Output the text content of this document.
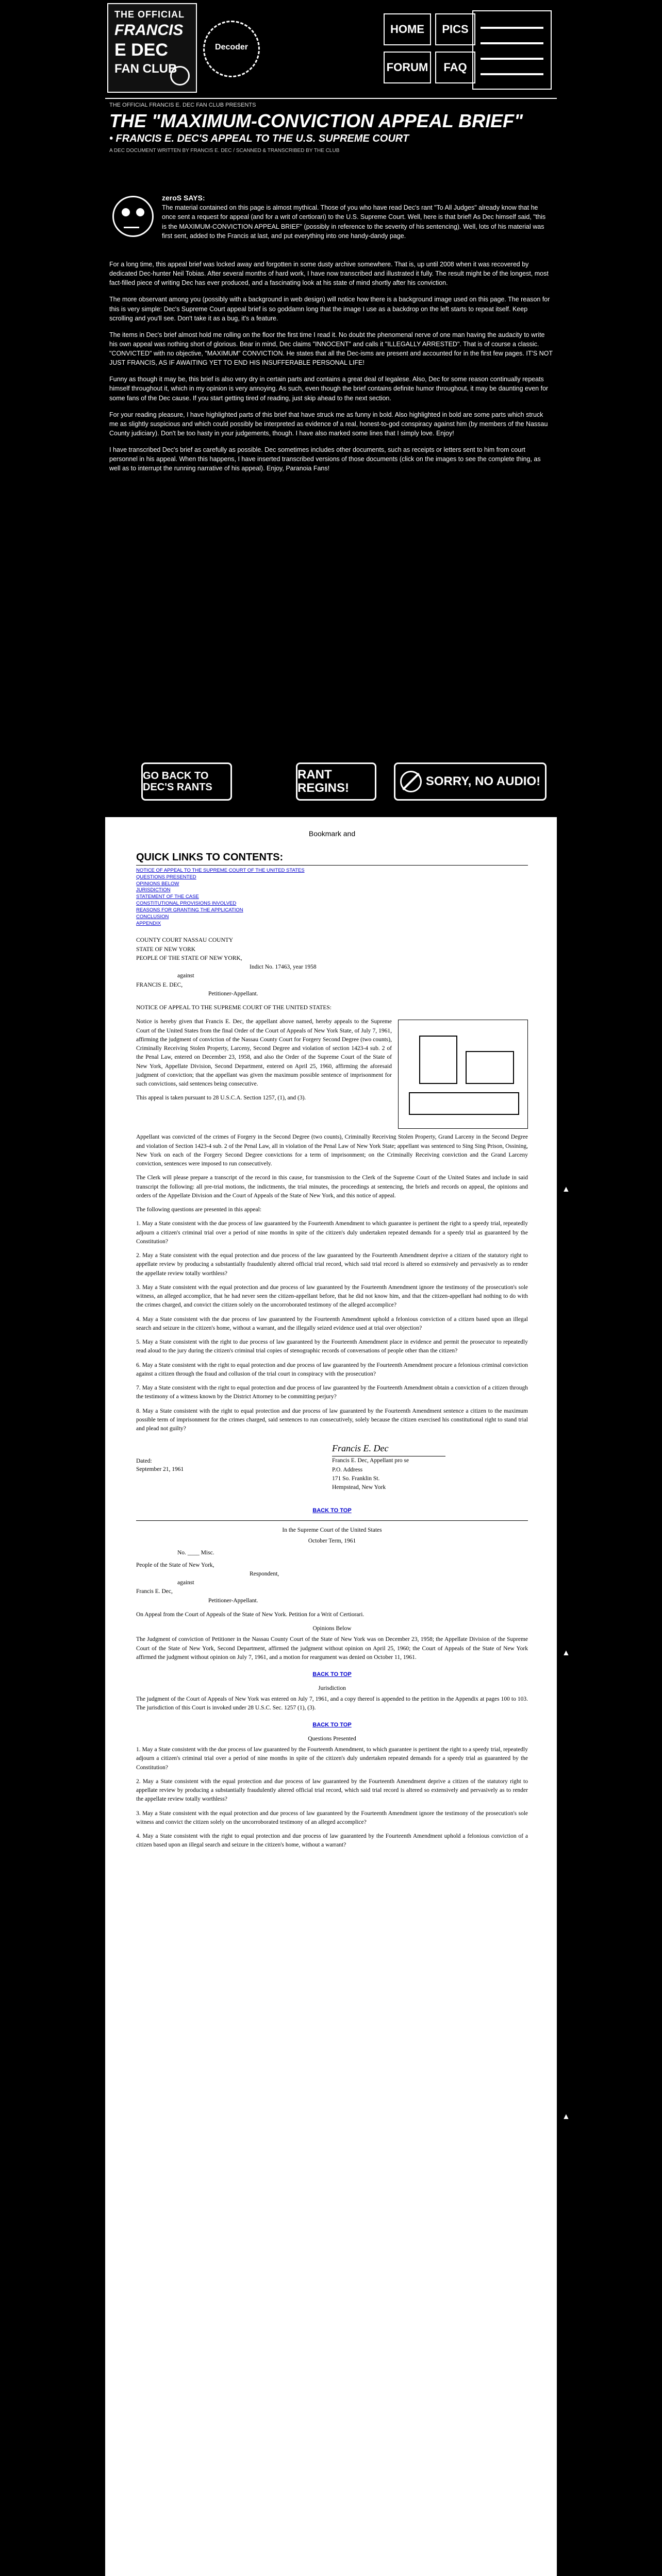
THE OFFICIAL
FRANCIS
E DEC
FAN CLUB
Decoder
HOME	PICS
FORUM	FAQ
THE OFFICIAL FRANCIS E. DEC FAN CLUB PRESENTS
THE "MAXIMUM-CONVICTION APPEAL BRIEF"
• FRANCIS E. DEC'S APPEAL TO THE U.S. SUPREME COURT
A DEC DOCUMENT WRITTEN BY FRANCIS E. DEC / SCANNED & TRANSCRIBED BY THE CLUB
zeroS SAYS:
The material contained on this page is almost mythical. Those of you who have read Dec's rant "To All Judges" already know that he once sent a request for appeal (and for a writ of certiorari) to the U.S. Supreme Court. Well, here is that brief! As Dec himself said, "this is the MAXIMUM-CONVICTION APPEAL BRIEF" (possibly in reference to the severity of his sentencing). Well, lots of his material was first sent, added to the Francis at last, and put everything into one handy-dandy page.

For a long time, this appeal brief was locked away and forgotten in some dusty archive somewhere. That is, up until 2008 when it was recovered by dedicated Dec-hunter Neil Tobias. After several months of hard work, I have now transcribed and illustrated it fully. The result might be of the longest, most fact-filled piece of writing Dec has ever produced, and a fascinating look at his state of mind shortly after his conviction.

The more observant among you (possibly with a background in web design) will notice how there is a background image used on this page. The reason for this is very simple: Dec's Supreme Court appeal brief is so goddamn long that the image I use as a backdrop on the left starts to repeat itself. Keep scrolling and you'll see. Don't take it as a bug, it's a feature.

The items in Dec's brief almost hold me rolling on the floor the first time I read it. No doubt the phenomenal nerve of one man having the audacity to write his own appeal was nothing short of glorious. Bear in mind, Dec claims "INNOCENT" and calls it "ILLEGALLY ARRESTED". That is of course a classic. "CONVICTED" with no objective, "MAXIMUM" CONVICTION. He states that all the Dec-isms are present and accounted for in the first few pages. IT'S NOT JUST FRANCIS, AS IF AWAITING YET TO END HIS INSUFFERABLE PERSONAL LIFE!

Funny as though it may be, this brief is also very dry in certain parts and contains a great deal of legalese. Also, Dec for some reason continually repeats himself throughout it, which in my opinion is very annoying. As such, even though the brief contains definite humor throughout, it may be daunting even for some fans of the Dec cause. If you start getting tired of reading, just skip ahead to the next section.

For your reading pleasure, I have highlighted parts of this brief that have struck me as funny in bold. Also highlighted in bold are some parts which struck me as slightly suspicious and which could possibly be interpreted as evidence of a real, honest-to-god conspiracy against him (by members of the Nassau County judiciary). Don't be too hasty in your judgements, though. I have also marked some lines that I simply love. Enjoy!

I have transcribed Dec's brief as carefully as possible. Dec sometimes includes other documents, such as receipts or letters sent to him from court personnel in his appeal. When this happens, I have inserted transcribed versions of those documents (click on the images to see the complete thing, as well as to interrupt the running narrative of his appeal). Enjoy, Paranoia Fans!

GO BACK TO DEC'S RANTS
RANT REGINS!	SORRY, NO AUDIO!
Bookmark and
QUICK LINKS TO CONTENTS:
NOTICE OF APPEAL TO THE SUPREME COURT OF THE UNITED STATES
QUESTIONS PRESENTED
OPINIONS BELOW
JURISDICTION
STATEMENT OF THE CASE
CONSTITUTIONAL PROVISIONS INVOLVED
REASONS FOR GRANTING THE APPLICATION
CONCLUSION
APPENDIX
COUNTY COURT NASSAU COUNTY
STATE OF NEW YORK
PEOPLE OF THE STATE OF NEW YORK,
Indict No. 17463, year 1958
against
FRANCIS E. DEC,
Petitioner-Appellant.

NOTICE OF APPEAL TO THE SUPREME COURT OF THE UNITED STATES:

Notice is hereby given that Francis E. Dec, the appellant above named, hereby appeals to the Supreme Court of the United States from the final Order of the Court of Appeals of New York State, of July 7, 1961, affirming the judgment of conviction of the Nassau County Court for Forgery Second Degree (two counts), Criminally Receiving Stolen Property, Larceny, Second Degree and violation of section 1423-4 sub. 2 of the Penal Law, entered on December 23, 1958, and also the Order of the Supreme Court of the State of New York, Appellate Division, Second Department, entered on April 25, 1960, affirming the aforesaid judgment of conviction; that the appellant was given the maximum possible sentence of imprisonment for such convictions, said sentences being consecutive.

This appeal is taken pursuant to 28 U.S.C.A. Section 1257, (1), and (3).

Appellant was convicted of the crimes of Forgery in the Second Degree (two counts), Criminally Receiving Stolen Property, Grand Larceny in the Second Degree and violation of Section 1423-4 sub. 2 of the Penal Law, all in violation of the Penal Law of New York State; appellant was sentenced to Sing Sing Prison, Ossining, New York on each of the Forgery Second Degree convictions for a term of imprisonment; on the Criminally Receiving conviction and the Grand Larceny conviction, sentences were imposed to run consecutively.

The Clerk will please prepare a transcript of the record in this cause, for transmission to the Clerk of the Supreme Court of the United States and include in said transcript the following: all pre-trial motions, the indictments, the trial minutes, the proceedings at sentencing, the briefs and records on appeal, the opinions and orders of the Appellate Division and the Court of Appeals of the State of New York, and this notice of appeal.

The following questions are presented in this appeal:

1. May a State consistent with the due process of law guaranteed by the Fourteenth Amendment to which guarantee is pertinent the right to a speedy trial, repeatedly adjourn a citizen's criminal trial over a period of nine months in spite of the citizen's duly undertaken repeated demands for a speedy trial as guaranteed by the Constitution?

2. May a State consistent with the equal protection and due process of the law guaranteed by the Fourteenth Amendment deprive a citizen of the statutory right to appellate review by producing a substantially fraudulently altered official trial record, which said trial record is altered so extensively and pervasively as to render the appellate review totally worthless?

3. May a State consistent with the equal protection and due process of law guaranteed by the Fourteenth Amendment ignore the testimony of the prosecution's sole witness, an alleged accomplice, that he had never seen the citizen-appellant before, that he did not know him, and that the citizen-appellant had nothing to do with the crimes charged, and convict the citizen solely on the uncorroborated testimony of the alleged accomplice?

4. May a State consistent with the due process of law guaranteed by the Fourteenth Amendment uphold a felonious conviction of a citizen based upon an illegal search and seizure in the citizen's home, without a warrant, and the illegally seized evidence used at trial over objection?

5. May a State consistent with the right to due process of law guaranteed by the Fourteenth Amendment place in evidence and permit the prosecutor to repeatedly read aloud to the jury during the citizen's criminal trial copies of stenographic records of conversations of people other than the citizen?

6. May a State consistent with the right to equal protection and due process of law guaranteed by the Fourteenth Amendment procure a felonious criminal conviction against a citizen through the fraud and collusion of the trial court in conspiracy with the prosecution?

7. May a State consistent with the right to equal protection and due process of law guaranteed by the Fourteenth Amendment obtain a conviction of a citizen through the testimony of a witness known by the District Attorney to be committing perjury?

8. May a State consistent with the right to equal protection and due process of law guaranteed by the Fourteenth Amendment sentence a citizen to the maximum possible term of imprisonment for the crimes charged, said sentences to run consecutively, solely because the citizen exercised his constitutional right to stand trial and plead not guilty?

Dated:
September 21, 1961
Francis E. Dec
Francis E. Dec, Appellant pro se
P.O. Address
171 So. Franklin St.
Hempstead, New York
BACK TO TOP
In the Supreme Court of the United States
October Term, 1961
No. ____ Misc.
People of the State of New York,
Respondent,
against
Francis E. Dec,
Petitioner-Appellant.

On Appeal from the Court of Appeals of the State of New York. Petition for a Writ of Certiorari.

Opinions Below

The Judgment of conviction of Petitioner in the Nassau County Court of the State of New York was on December 23, 1958; the Appellate Division of the Supreme Court of the State of New York, Second Department, affirmed the judgment without opinion on April 25, 1960; the Court of Appeals of the State of New York affirmed the judgment without opinion on July 7, 1961, and a motion for reargument was denied on October 11, 1961.

BACK TO TOP
Jurisdiction

The judgment of the Court of Appeals of New York was entered on July 7, 1961, and a copy thereof is appended to the petition in the Appendix at pages 100 to 103. The jurisdiction of this Court is invoked under 28 U.S.C. Sec. 1257 (1), (3).

BACK TO TOP
Questions Presented

1. May a State consistent with the due process of law guaranteed by the Fourteenth Amendment, to which guarantee is pertinent the right to a speedy trial, repeatedly adjourn a citizen's criminal trial over a period of nine months in spite of the citizen's duly undertaken repeated demands for a speedy trial as guaranteed by the Constitution?

2. May a State consistent with the equal protection and due process of law guaranteed by the Fourteenth Amendment deprive a citizen of the statutory right to appellate review by producing a substantially fraudulently altered official trial record, which said trial record is altered so extensively and pervasively as to render the appellate review totally worthless?

3. May a State consistent with the equal protection and due process of law guaranteed by the Fourteenth Amendment ignore the testimony of the prosecution's sole witness and convict the citizen solely on the uncorroborated testimony of an alleged accomplice?

4. May a State consistent with the right to equal protection and due process of law guaranteed by the Fourteenth Amendment uphold a felonious conviction of a citizen based upon an illegal search and seizure in the citizen's home, without a warrant?

▲
▲
▲
